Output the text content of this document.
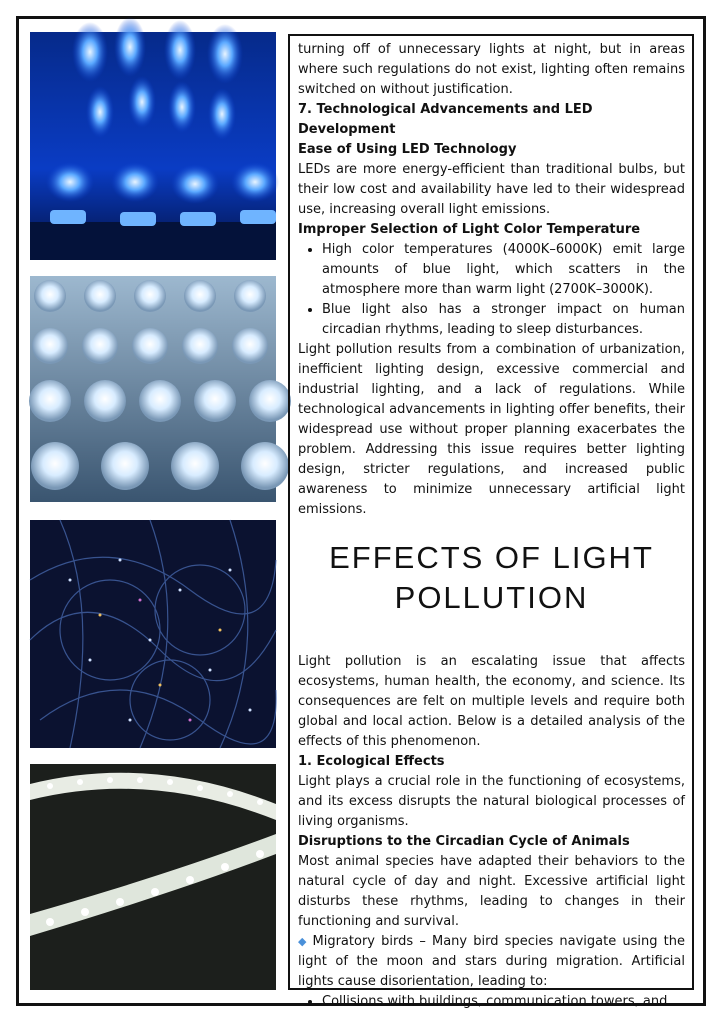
turning off of unnecessary lights at night, but in areas where such regulations do not exist, lighting often remains switched on without justification.

7. Technological Advancements and LED Development

Ease of Using LED Technology

LEDs are more energy-efficient than traditional bulbs, but their low cost and availability have led to their widespread use, increasing overall light emissions.

Improper Selection of Light Color Temperature

• High color temperatures (4000K–6000K) emit large amounts of blue light, which scatters in the atmosphere more than warm light (2700K–3000K).
• Blue light also has a stronger impact on human circadian rhythms, leading to sleep disturbances.

Light pollution results from a combination of urbanization, inefficient lighting design, excessive commercial and industrial lighting, and a lack of regulations. While technological advancements in lighting offer benefits, their widespread use without proper planning exacerbates the problem. Addressing this issue requires better lighting design, stricter regulations, and increased public awareness to minimize unnecessary artificial light emissions.

EFFECTS OF LIGHT
POLLUTION

Light pollution is an escalating issue that affects ecosystems, human health, the economy, and science. Its consequences are felt on multiple levels and require both global and local action. Below is a detailed analysis of the effects of this phenomenon.

1. Ecological Effects

Light plays a crucial role in the functioning of ecosystems, and its excess disrupts the natural biological processes of living organisms.

Disruptions to the Circadian Cycle of Animals

Most animal species have adapted their behaviors to the natural cycle of day and night. Excessive artificial light disturbs these rhythms, leading to changes in their functioning and survival.

◆ Migratory birds – Many bird species navigate using the light of the moon and stars during migration. Artificial lights cause disorientation, leading to:

• Collisions with buildings, communication towers, and
